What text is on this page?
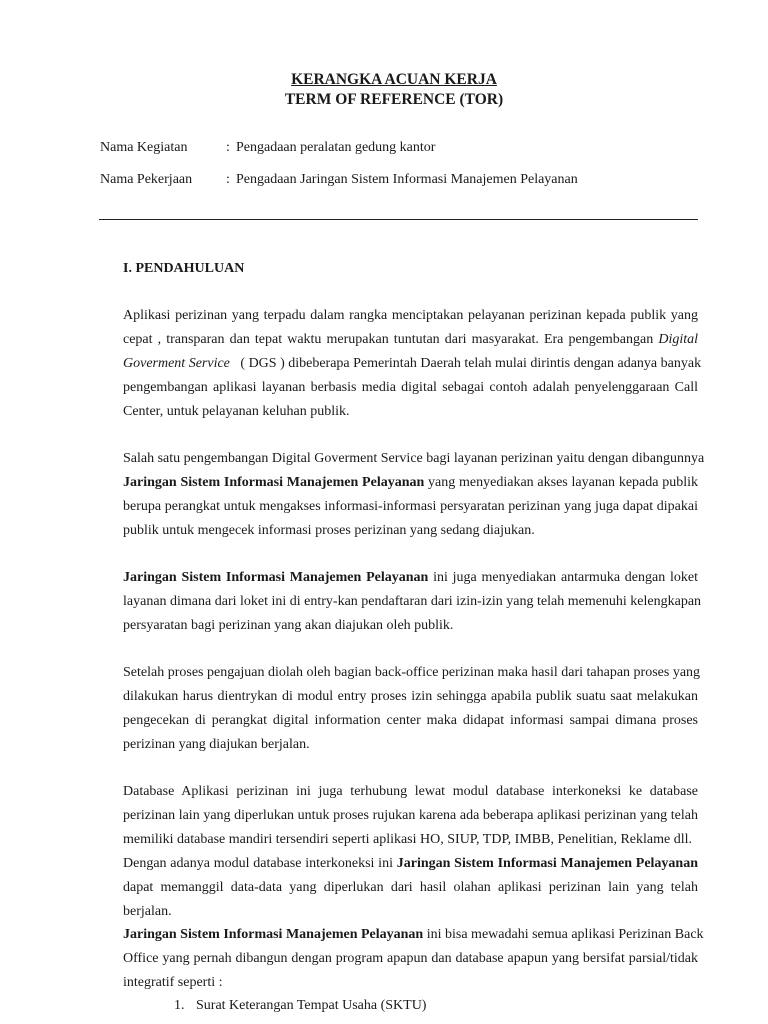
KERANGKA ACUAN KERJA
TERM OF REFERENCE (TOR)
Nama Kegiatan	: Pengadaan peralatan gedung kantor
Nama Pekerjaan : Pengadaan Jaringan Sistem Informasi Manajemen Pelayanan
I. PENDAHULUAN
Aplikasi perizinan yang terpadu dalam rangka menciptakan pelayanan perizinan kepada publik yang
cepat , transparan dan tepat waktu merupakan tuntutan dari masyarakat. Era pengembangan Digital
Goverment Service ( DGS ) dibeberapa Pemerintah Daerah telah mulai dirintis dengan adanya banyak
pengembangan aplikasi layanan berbasis media digital sebagai contoh adalah penyelenggaraan Call
Center, untuk pelayanan keluhan publik.
Salah satu pengembangan Digital Goverment Service bagi layanan perizinan yaitu dengan dibangunnya
Jaringan Sistem Informasi Manajemen Pelayanan yang menyediakan akses layanan kepada publik
berupa perangkat untuk mengakses informasi-informasi persyaratan perizinan yang juga dapat dipakai
publik untuk mengecek informasi proses perizinan yang sedang diajukan.
Jaringan Sistem Informasi Manajemen Pelayanan ini juga menyediakan antarmuka dengan loket
layanan dimana dari loket ini di entry-kan pendaftaran dari izin-izin yang telah memenuhi kelengkapan
persyaratan bagi perizinan yang akan diajukan oleh publik.
Setelah proses pengajuan diolah oleh bagian back-office perizinan maka hasil dari tahapan proses yang
dilakukan harus dientrykan di modul entry proses izin sehingga apabila publik suatu saat melakukan
pengecekan di perangkat digital information center maka didapat informasi sampai dimana proses
perizinan yang diajukan berjalan.
Database Aplikasi perizinan ini juga terhubung lewat modul database interkoneksi ke database
perizinan lain yang diperlukan untuk proses rujukan karena ada beberapa aplikasi perizinan yang telah
memiliki database mandiri tersendiri seperti aplikasi HO, SIUP, TDP, IMBB, Penelitian, Reklame dll.
Dengan adanya modul database interkoneksi ini Jaringan Sistem Informasi Manajemen Pelayanan
dapat memanggil data-data yang diperlukan dari hasil olahan aplikasi perizinan lain yang telah
berjalan.
Jaringan Sistem Informasi Manajemen Pelayanan ini bisa mewadahi semua aplikasi Perizinan Back
Office yang pernah dibangun dengan program apapun dan database apapun yang bersifat parsial/tidak
integratif seperti :
1. Surat Keterangan Tempat Usaha (SKTU)
